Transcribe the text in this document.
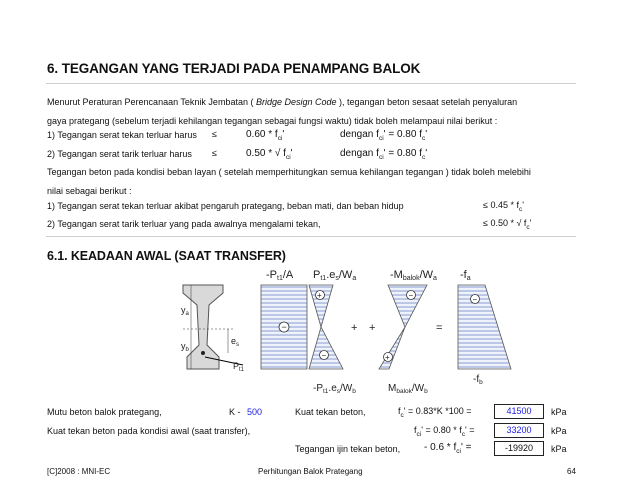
6. TEGANGAN YANG TERJADI PADA PENAMPANG BALOK
Menurut Peraturan Perencanaan Teknik Jembatan ( Bridge Design Code ), tegangan beton sesaat setelah penyaluran
gaya prategang (sebelum terjadi kehilangan tegangan sebagai fungsi waktu) tidak boleh melampaui nilai berikut :
1) Tegangan serat tekan terluar harus ≤	$0.60 * f_{ci}'$	dengan $f_{ci}' = 0.80$ $f_c'$
2) Tegangan serat tarik terluar harus ≤	0.50 * √ $f_{ci}'$	dengan $f_{ci}' = 0.80$ $f_c'$
Tegangan beton pada kondisi beban layan ( setelah memperhitungkan semua kehilangan tegangan ) tidak boleh melebihi
nilai sebagai berikut :
1) Tegangan serat tekan terluar akibat pengaruh prategang, beban mati, dan beban hidup	≤ $0.45 * f_c'$
2) Tegangan serat tarik terluar yang pada awalnya mengalami tekan,	≤ 0.50 * √ $f_c'$
6.1. KEADAAN AWAL (SAAT TRANSFER)
$y_a$
$y_b$
$e_s$
$P_{t1}$
−
+
−
−
+
−
+ +	=
-Pt1/A Pt1.es/Wa	-Mbalok/Wa -fa
$-P_{t1}.e_s/W_b$	$M_{balok}/W_b$
$-f_b$
Mutu beton balok prategang,	K - 500	Kuat tekan beton,	$f_c' = 0.83*K$ *100 =	41500	kPa
Kuat tekan beton pada kondisi awal (saat transfer),	$f_{ci}' = 0.80 * f_c'$ =	33200	kPa
Tegangan ijin tekan beton, - $0.6 * f_{ci}'$ =	-19920	kPa
[C]2008 : MNI-EC	Perhitungan Balok Prategang	64
